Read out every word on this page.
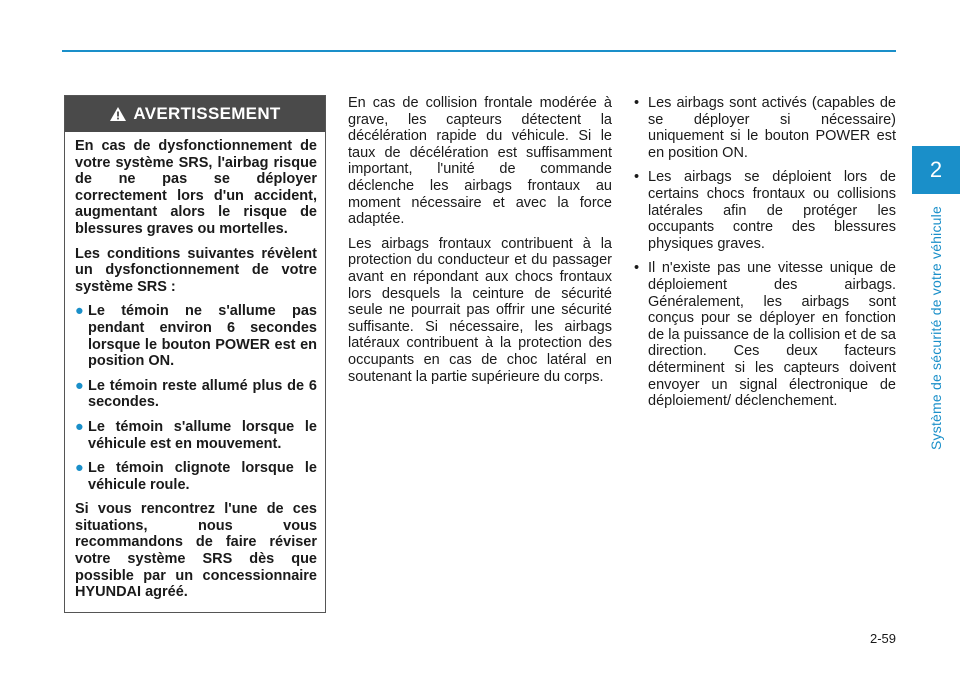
2
Système de sécurité de votre véhicule
AVERTISSEMENT

En cas de dysfonctionnement de votre système SRS, l'airbag risque de ne pas se déployer correctement lors d'un accident, augmentant alors le risque de blessures graves ou mortelles.

Les conditions suivantes révèlent un dysfonctionnement de votre système SRS :

● Le témoin ne s'allume pas pendant environ 6 secondes lorsque le bouton POWER est en position ON.
● Le témoin reste allumé plus de 6 secondes.
● Le témoin s'allume lorsque le véhicule est en mouvement.
● Le témoin clignote lorsque le véhicule roule.

Si vous rencontrez l'une de ces situations, nous vous recommandons de faire réviser votre système SRS dès que possible par un concessionnaire HYUNDAI agréé.

En cas de collision frontale modérée à grave, les capteurs détectent la décélération rapide du véhicule. Si le taux de décélération est suffisamment important, l'unité de commande déclenche les airbags frontaux au moment nécessaire et avec la force adaptée.

Les airbags frontaux contribuent à la protection du conducteur et du passager avant en répondant aux chocs frontaux lors desquels la ceinture de sécurité seule ne pourrait pas offrir une sécurité suffisante. Si nécessaire, les airbags latéraux contribuent à la protection des occupants en cas de choc latéral en soutenant la partie supérieure du corps.

• Les airbags sont activés (capables de se déployer si nécessaire) uniquement si le bouton POWER est en position ON.
• Les airbags se déploient lors de certains chocs frontaux ou collisions latérales afin de protéger les occupants contre des blessures physiques graves.
• Il n'existe pas une vitesse unique de déploiement des airbags. Généralement, les airbags sont conçus pour se déployer en fonction de la puissance de la collision et de sa direction. Ces deux facteurs déterminent si les capteurs doivent envoyer un signal électronique de déploiement/ déclenchement.
2-59
